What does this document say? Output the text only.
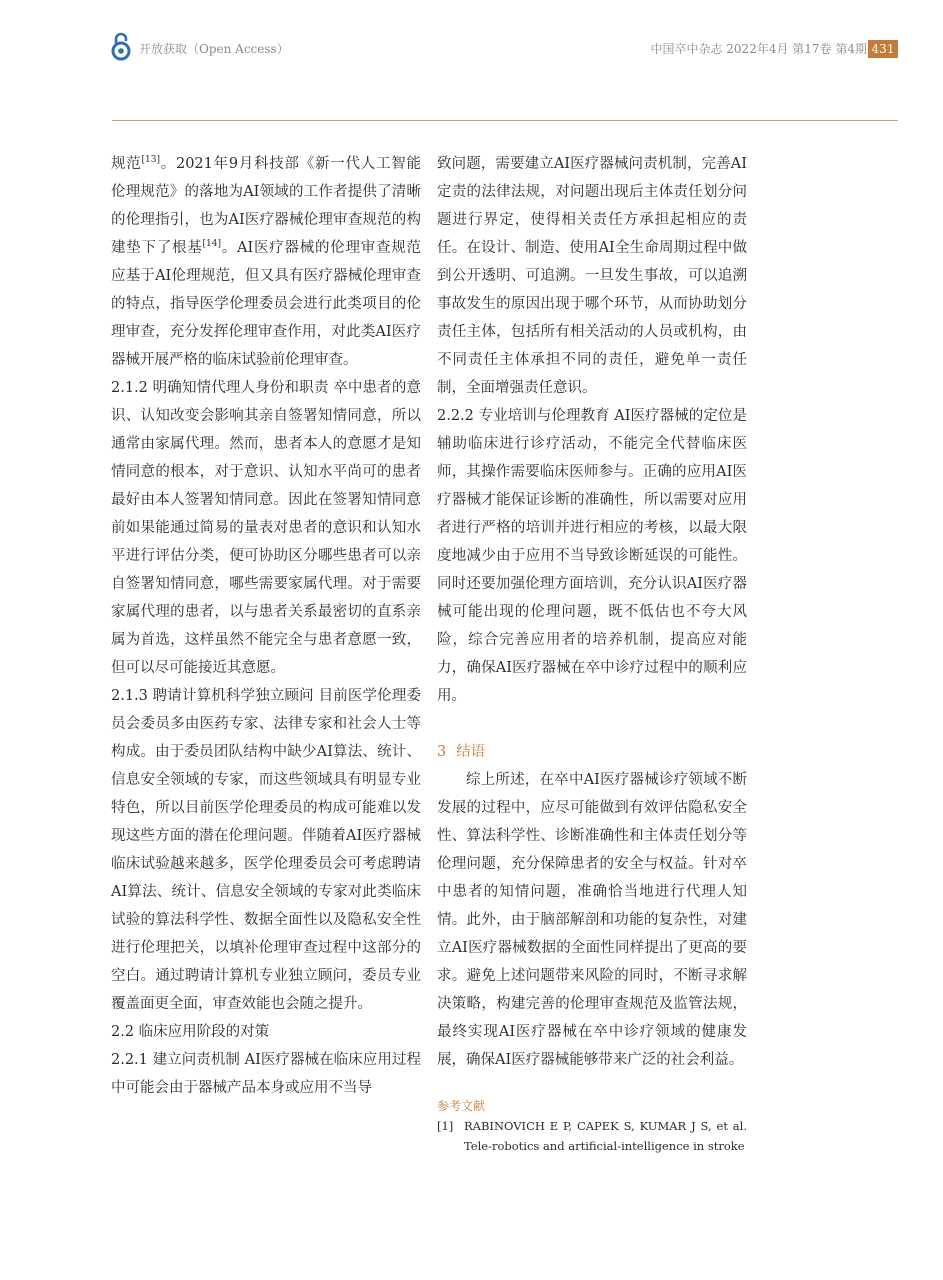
开放获取（Open Access）	中国卒中杂志 2022年4月 第17卷 第4期 431

规范[13]。2021年9月科技部《新一代人工智能伦理规范》的落地为AI领域的工作者提供了清晰的伦理指引，也为AI医疗器械伦理审查规范的构建垫下了根基[14]。AI医疗器械的伦理审查规范应基于AI伦理规范，但又具有医疗器械伦理审查的特点，指导医学伦理委员会进行此类项目的伦理审查，充分发挥伦理审查作用，对此类AI医疗器械开展严格的临床试验前伦理审查。

2.1.2 明确知情代理人身份和职责 卒中患者的意识、认知改变会影响其亲自签署知情同意，所以通常由家属代理。然而，患者本人的意愿才是知情同意的根本，对于意识、认知水平尚可的患者最好由本人签署知情同意。因此在签署知情同意前如果能通过简易的量表对患者的意识和认知水平进行评估分类，便可协助区分哪些患者可以亲自签署知情同意，哪些需要家属代理。对于需要家属代理的患者，以与患者关系最密切的直系亲属为首选，这样虽然不能完全与患者意愿一致，但可以尽可能接近其意愿。

2.1.3 聘请计算机科学独立顾问 目前医学伦理委员会委员多由医药专家、法律专家和社会人士等构成。由于委员团队结构中缺少AI算法、统计、信息安全领域的专家，而这些领域具有明显专业特色，所以目前医学伦理委员的构成可能难以发现这些方面的潜在伦理问题。伴随着AI医疗器械临床试验越来越多，医学伦理委员会可考虑聘请AI算法、统计、信息安全领域的专家对此类临床试验的算法科学性、数据全面性以及隐私安全性进行伦理把关，以填补伦理审查过程中这部分的空白。通过聘请计算机专业独立顾问，委员专业覆盖面更全面，审查效能也会随之提升。

2.2 临床应用阶段的对策

2.2.1 建立问责机制 AI医疗器械在临床应用过程中可能会由于器械产品本身或应用不当导

致问题，需要建立AI医疗器械问责机制，完善AI定责的法律法规，对问题出现后主体责任划分问题进行界定，使得相关责任方承担起相应的责任。在设计、制造、使用AI全生命周期过程中做到公开透明、可追溯。一旦发生事故，可以追溯事故发生的原因出现于哪个环节，从而协助划分责任主体，包括所有相关活动的人员或机构，由不同责任主体承担不同的责任，避免单一责任制，全面增强责任意识。

2.2.2 专业培训与伦理教育 AI医疗器械的定位是辅助临床进行诊疗活动，不能完全代替临床医师，其操作需要临床医师参与。正确的应用AI医疗器械才能保证诊断的准确性，所以需要对应用者进行严格的培训并进行相应的考核，以最大限度地减少由于应用不当导致诊断延误的可能性。同时还要加强伦理方面培训，充分认识AI医疗器械可能出现的伦理问题，既不低估也不夸大风险，综合完善应用者的培养机制，提高应对能力，确保AI医疗器械在卒中诊疗过程中的顺利应用。

3 结语

综上所述，在卒中AI医疗器械诊疗领域不断发展的过程中，应尽可能做到有效评估隐私安全性、算法科学性、诊断准确性和主体责任划分等伦理问题，充分保障患者的安全与权益。针对卒中患者的知情问题，准确恰当地进行代理人知情。此外，由于脑部解剖和功能的复杂性，对建立AI医疗器械数据的全面性同样提出了更高的要求。避免上述问题带来风险的同时，不断寻求解决策略，构建完善的伦理审查规范及监管法规，最终实现AI医疗器械在卒中诊疗领域的健康发展，确保AI医疗器械能够带来广泛的社会利益。

参考文献

[1] RABINOVICH E P, CAPEK S, KUMAR J S, et al. Tele-robotics and artificial-intelligence in stroke
